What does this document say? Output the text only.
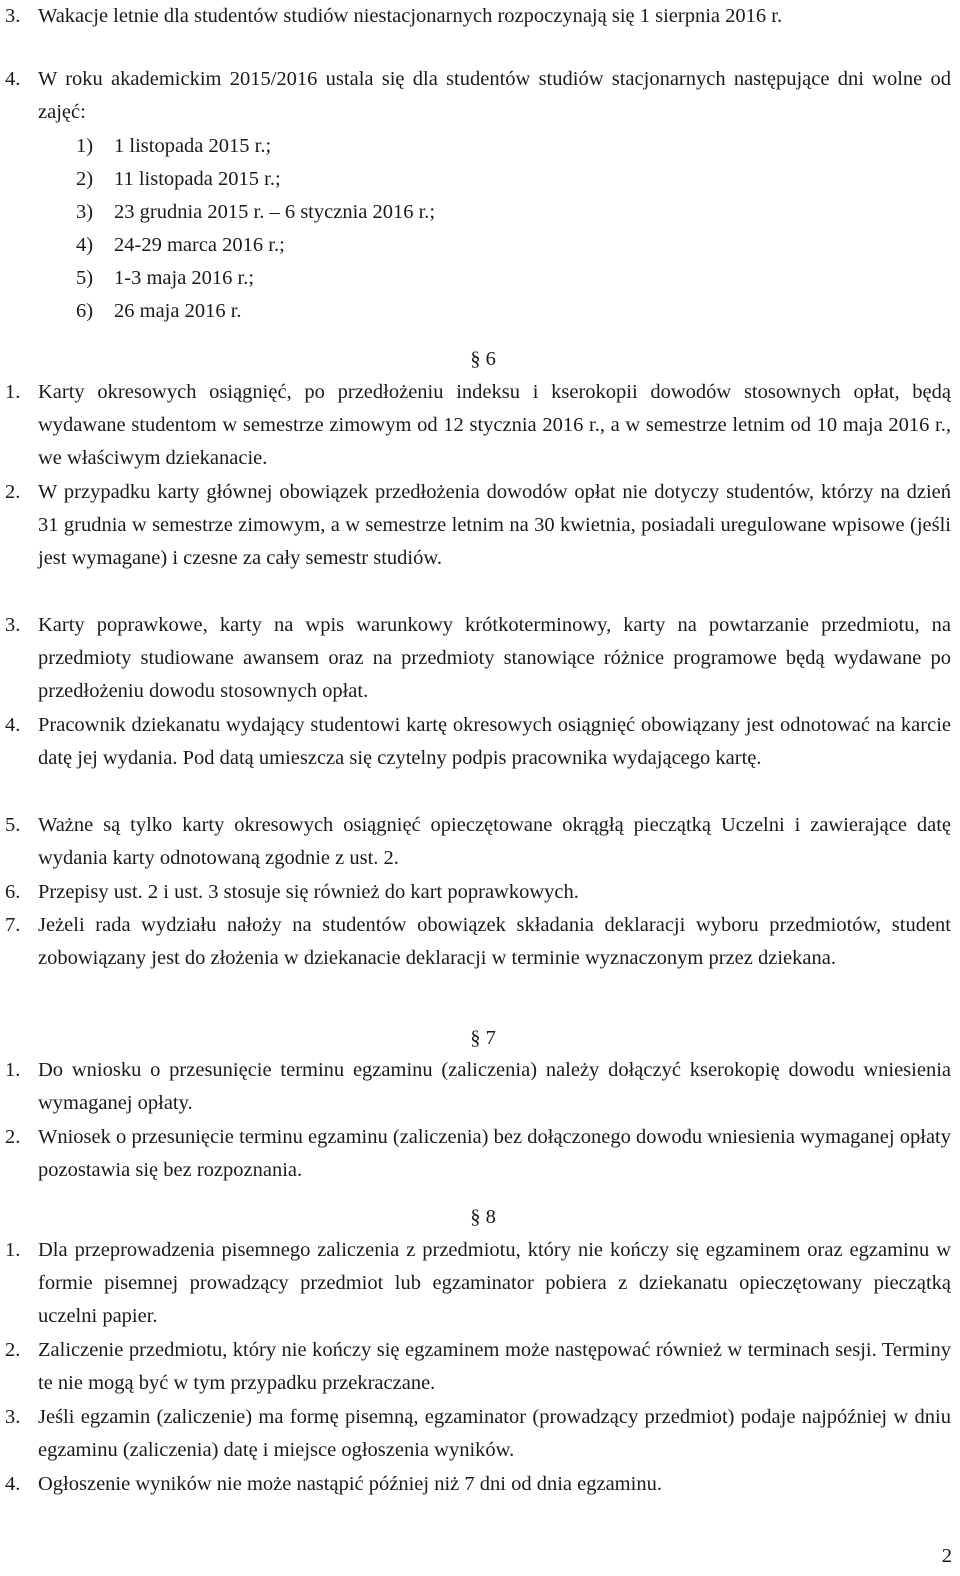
3. Wakacje letnie dla studentów studiów niestacjonarnych rozpoczynają się 1 sierpnia 2016 r.
4. W roku akademickim 2015/2016 ustala się dla studentów studiów stacjonarnych następujące dni wolne od zajęć:
1) 1 listopada 2015 r.;
2) 11 listopada 2015 r.;
3) 23 grudnia 2015 r. – 6 stycznia 2016 r.;
4) 24-29 marca 2016 r.;
5) 1-3 maja 2016 r.;
6) 26 maja 2016 r.
§ 6
1. Karty okresowych osiągnięć, po przedłożeniu indeksu i kserokopii dowodów stosownych opłat, będą wydawane studentom w semestrze zimowym od 12 stycznia 2016 r., a w semestrze letnim od 10 maja 2016 r., we właściwym dziekanacie.
2. W przypadku karty głównej obowiązek przedłożenia dowodów opłat nie dotyczy studentów, którzy na dzień 31 grudnia w semestrze zimowym, a w semestrze letnim na 30 kwietnia, posiadali uregulowane wpisowe (jeśli jest wymagane) i czesne za cały semestr studiów.
3. Karty poprawkowe, karty na wpis warunkowy krótkoterminowy, karty na powtarzanie przedmiotu, na przedmioty studiowane awansem oraz na przedmioty stanowiące różnice programowe będą wydawane po przedłożeniu dowodu stosownych opłat.
4. Pracownik dziekanatu wydający studentowi kartę okresowych osiągnięć obowiązany jest odnotować na karcie datę jej wydania. Pod datą umieszcza się czytelny podpis pracownika wydającego kartę.
5. Ważne są tylko karty okresowych osiągnięć opieczętowane okrągłą pieczątką Uczelni i zawierające datę wydania karty odnotowaną zgodnie z ust. 2.
6. Przepisy ust. 2 i ust. 3 stosuje się również do kart poprawkowych.
7. Jeżeli rada wydziału nałoży na studentów obowiązek składania deklaracji wyboru przedmiotów, student zobowiązany jest do złożenia w dziekanacie deklaracji w terminie wyznaczonym przez dziekana.
§ 7
1. Do wniosku o przesunięcie terminu egzaminu (zaliczenia) należy dołączyć kserokopię dowodu wniesienia wymaganej opłaty.
2. Wniosek o przesunięcie terminu egzaminu (zaliczenia) bez dołączonego dowodu wniesienia wymaganej opłaty pozostawia się bez rozpoznania.
§ 8
1. Dla przeprowadzenia pisemnego zaliczenia z przedmiotu, który nie kończy się egzaminem oraz egzaminu w formie pisemnej prowadzący przedmiot lub egzaminator pobiera z dziekanatu opieczętowany pieczątką uczelni papier.
2. Zaliczenie przedmiotu, który nie kończy się egzaminem może następować również w terminach sesji. Terminy te nie mogą być w tym przypadku przekraczane.
3. Jeśli egzamin (zaliczenie) ma formę pisemną, egzaminator (prowadzący przedmiot) podaje najpóźniej w dniu egzaminu (zaliczenia) datę i miejsce ogłoszenia wyników.
4. Ogłoszenie wyników nie może nastąpić później niż 7 dni od dnia egzaminu.
2
